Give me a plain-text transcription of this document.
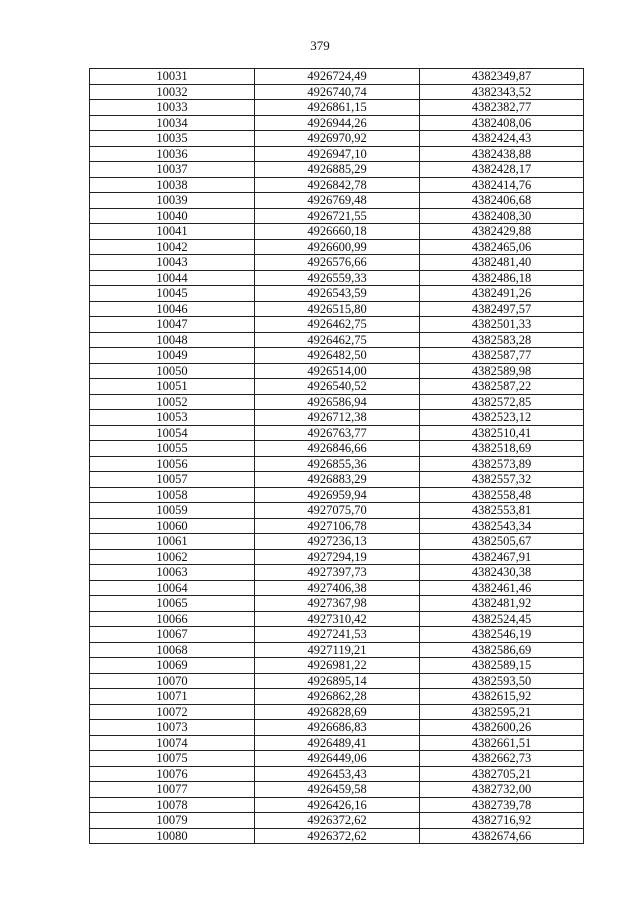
379
10031	4926724,49	4382349,87
10032	4926740,74	4382343,52
10033	4926861,15	4382382,77
10034	4926944,26	4382408,06
10035	4926970,92	4382424,43
10036	4926947,10	4382438,88
10037	4926885,29	4382428,17
10038	4926842,78	4382414,76
10039	4926769,48	4382406,68
10040	4926721,55	4382408,30
10041	4926660,18	4382429,88
10042	4926600,99	4382465,06
10043	4926576,66	4382481,40
10044	4926559,33	4382486,18
10045	4926543,59	4382491,26
10046	4926515,80	4382497,57
10047	4926462,75	4382501,33
10048	4926462,75	4382583,28
10049	4926482,50	4382587,77
10050	4926514,00	4382589,98
10051	4926540,52	4382587,22
10052	4926586,94	4382572,85
10053	4926712,38	4382523,12
10054	4926763,77	4382510,41
10055	4926846,66	4382518,69
10056	4926855,36	4382573,89
10057	4926883,29	4382557,32
10058	4926959,94	4382558,48
10059	4927075,70	4382553,81
10060	4927106,78	4382543,34
10061	4927236,13	4382505,67
10062	4927294,19	4382467,91
10063	4927397,73	4382430,38
10064	4927406,38	4382461,46
10065	4927367,98	4382481,92
10066	4927310,42	4382524,45
10067	4927241,53	4382546,19
10068	4927119,21	4382586,69
10069	4926981,22	4382589,15
10070	4926895,14	4382593,50
10071	4926862,28	4382615,92
10072	4926828,69	4382595,21
10073	4926686,83	4382600,26
10074	4926489,41	4382661,51
10075	4926449,06	4382662,73
10076	4926453,43	4382705,21
10077	4926459,58	4382732,00
10078	4926426,16	4382739,78
10079	4926372,62	4382716,92
10080	4926372,62	4382674,66
